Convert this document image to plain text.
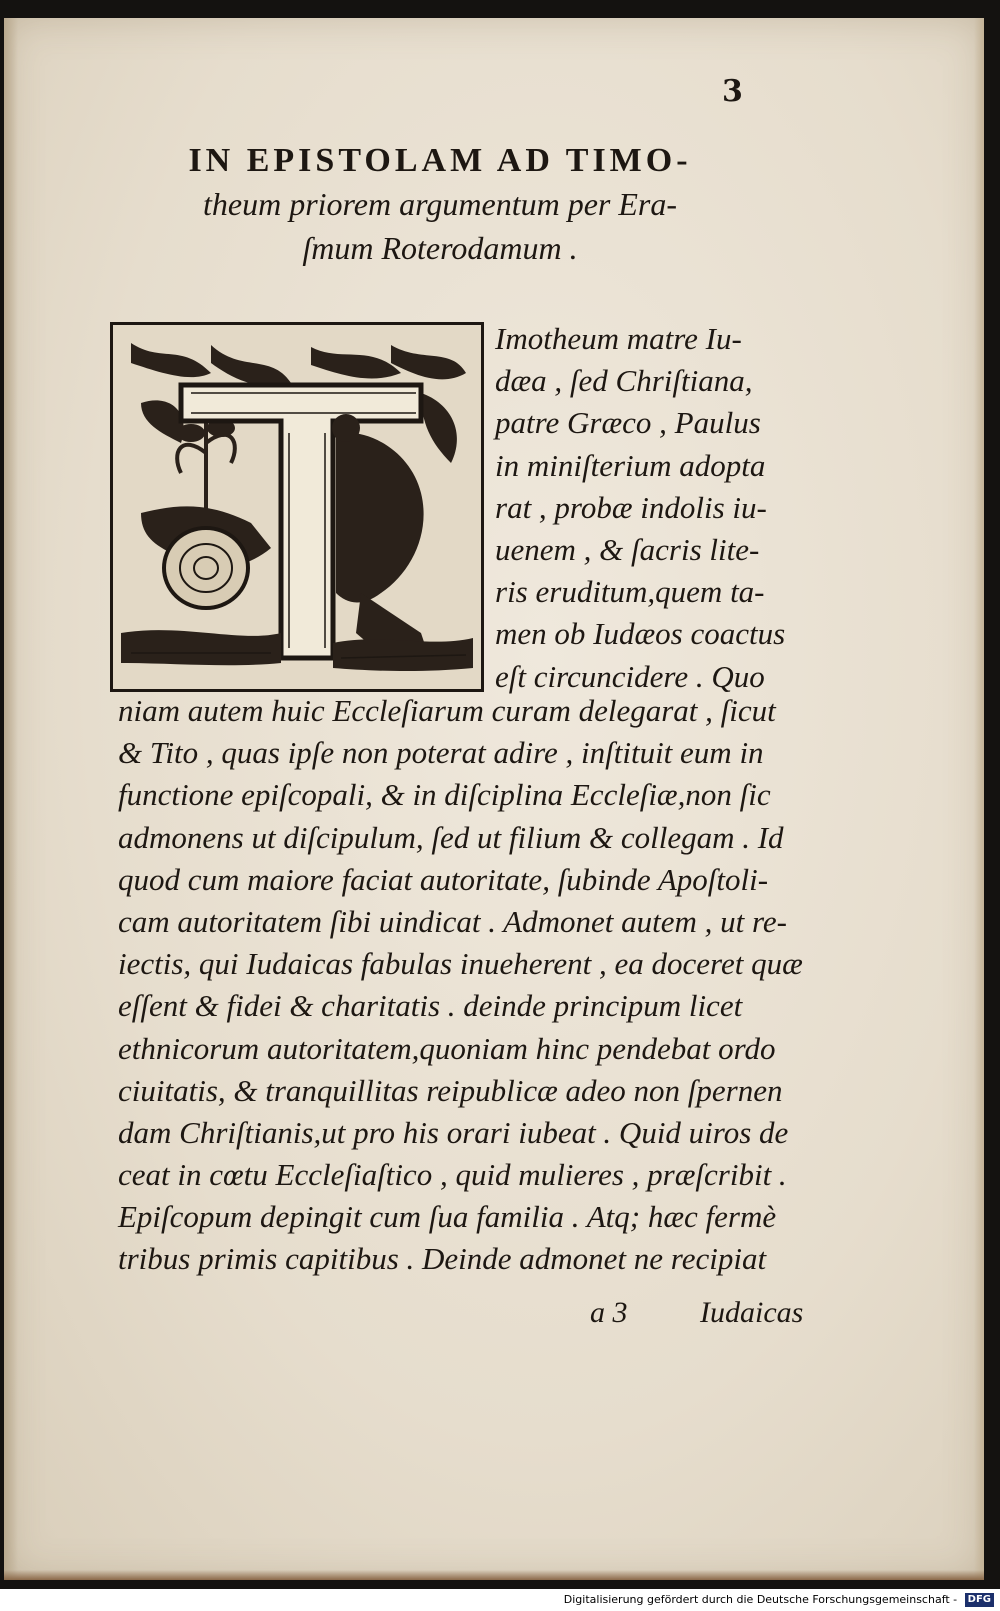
3
IN EPISTOLAM AD TIMO-
theum priorem argumentum per Era-
ſmum Roterodamum .
Imotheum matre Iu-
dæa , ſed Chriſtiana,
patre Græco , Paulus
in miniſterium adopta
rat , probæ indolis iu-
uenem , & ſacris lite-
ris eruditum,quem ta-
men ob Iudæos coactus
eſt circuncidere . Quo
niam autem huic Eccleſiarum curam delegarat , ſicut
& Tito , quas ipſe non poterat adire , inſtituit eum in
functione epiſcopali, & in diſciplina Eccleſiæ,non ſic
admonens ut diſcipulum, ſed ut filium & collegam . Id
quod cum maiore faciat autoritate, ſubinde Apoſtoli-
cam autoritatem ſibi uindicat . Admonet autem , ut re-
iectis, qui Iudaicas fabulas inueherent , ea doceret quæ
eſſent & fidei & charitatis . deinde principum licet
ethnicorum autoritatem,quoniam hinc pendebat ordo
ciuitatis, & tranquillitas reipublicæ adeo non ſpernen
dam Chriſtianis,ut pro his orari iubeat . Quid uiros de
ceat in cœtu Eccleſiaſtico , quid mulieres , præſcribit .
Epiſcopum depingit cum ſua familia . Atq; hæc fermè
tribus primis capitibus . Deinde admonet ne recipiat
a 3 Iudaicas
Digitalisierung gefördert durch die Deutsche Forschungsgemeinschaft - DFG
